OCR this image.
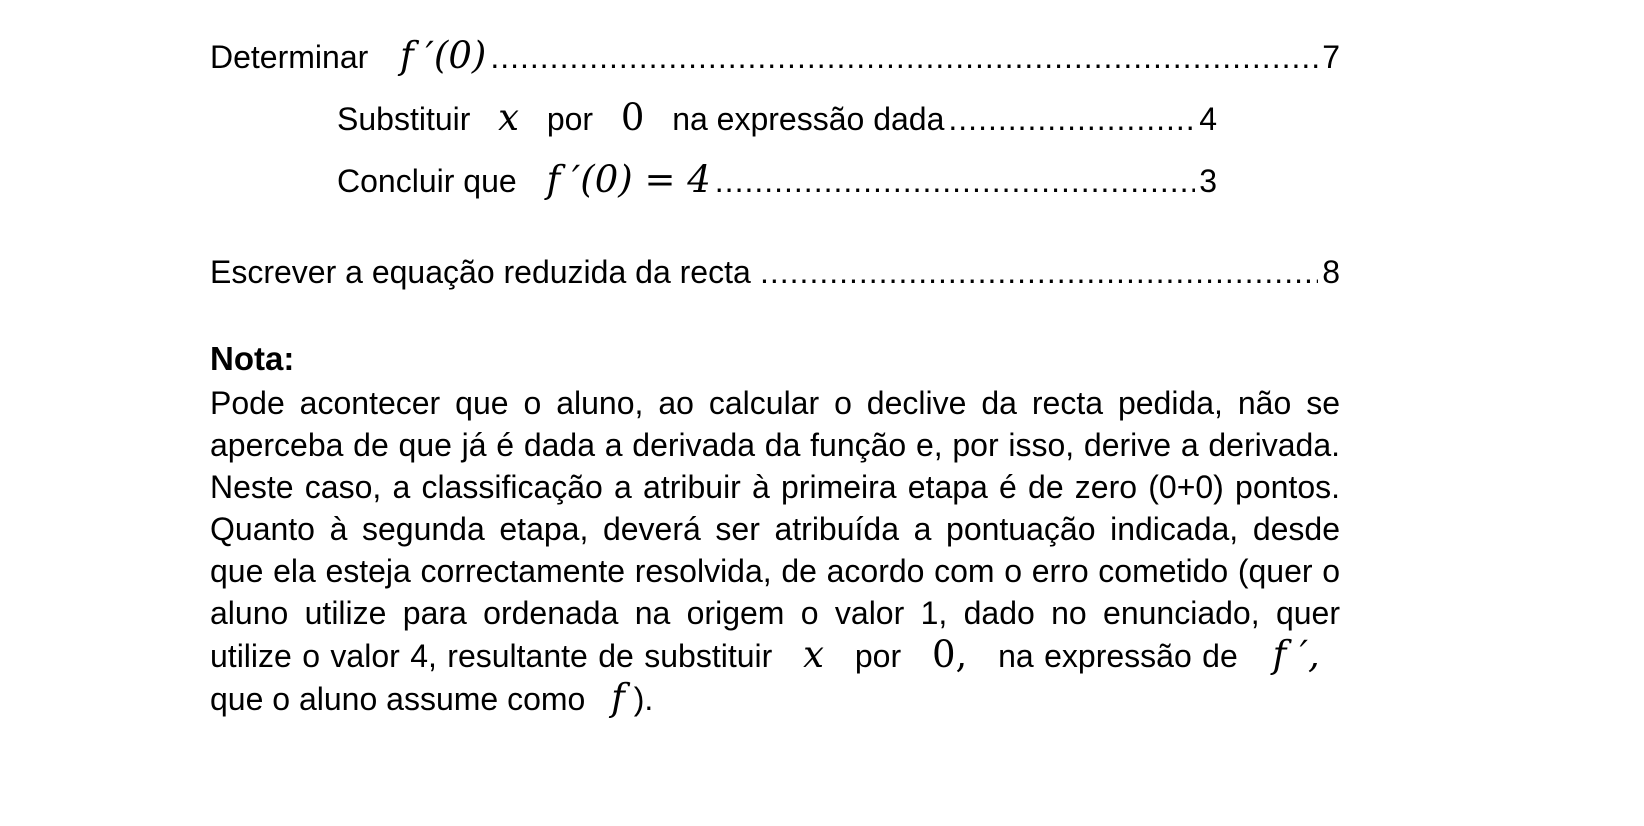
Determinar f ′(0) .....	7
Substituir x por 0 na expressão dada .....	4
Concluir que f ′(0) = 4 .....	3
Escrever a equação reduzida da recta .....	8
Nota:

Pode acontecer que o aluno, ao calcular o declive da recta pedida, não se aperceba de que já é dada a derivada da função e, por isso, derive a derivada. Neste caso, a classificação a atribuir à primeira etapa é de zero (0+0) pontos. Quanto à segunda etapa, deverá ser atribuída a pontuação indicada, desde que ela esteja correctamente resolvida, de acordo com o erro cometido (quer o aluno utilize para ordenada na origem o valor 1, dado no enunciado, quer utilize o valor 4, resultante de substituir x por 0, na expressão de f ′,  que o aluno assume como f ).
